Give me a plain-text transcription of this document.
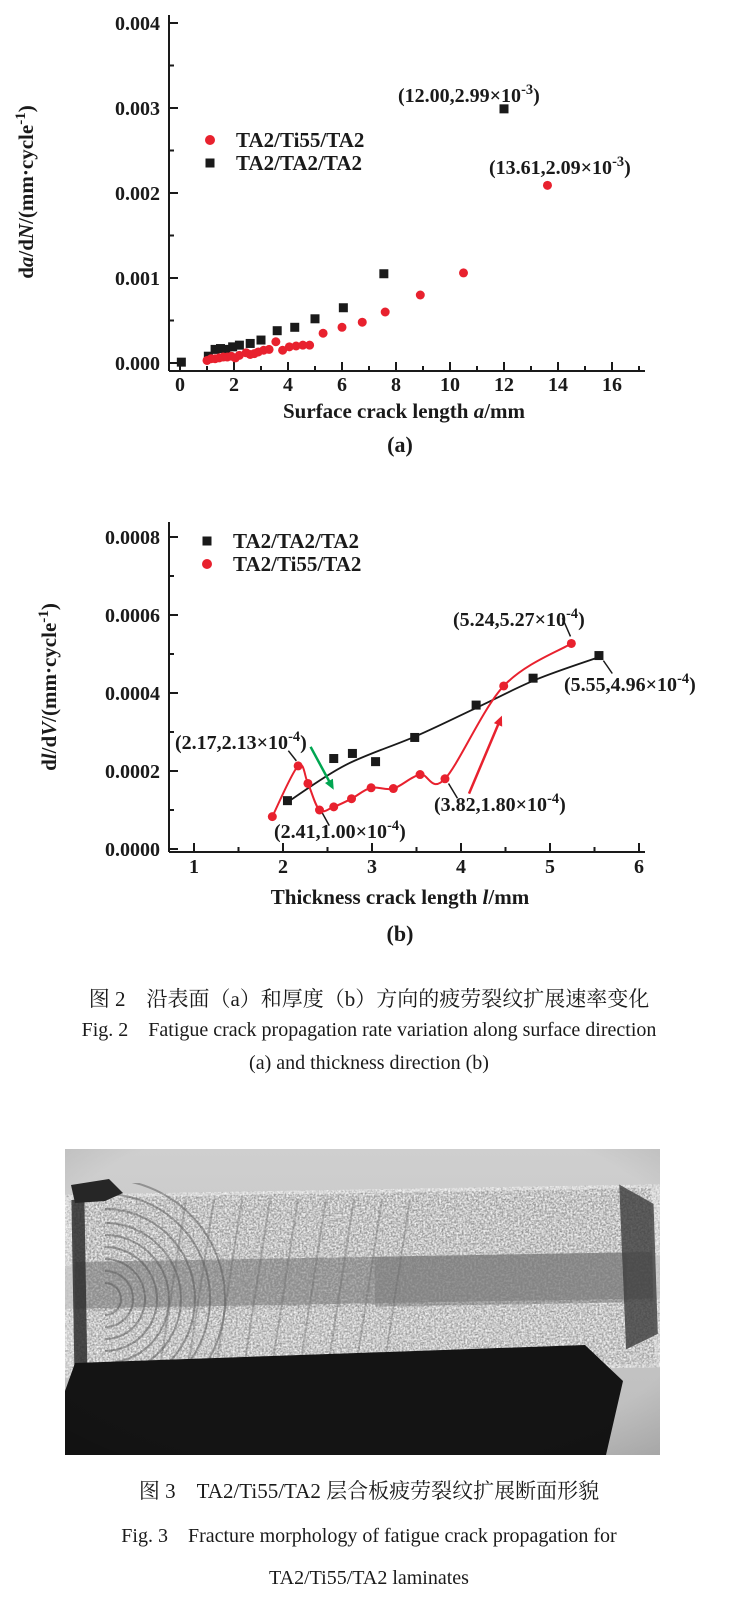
0 2 4 6 8 10 12 14 16
0.000
0.001
0.002
0.003
0.004
TA2/Ti55/TA2
TA2/TA2/TA2
$(12.00,2.99\times 10^{-3})$
$(13.61,2.09\times 10^{-3})$
Surface crack length a/mm
(a)
da/dN/(mm·cycle$^{-1}$)
1	2	3	4	5	6
0.0000
0.0002
0.0004
0.0006
0.0008	TA2/TA2/TA2
TA2/Ti55/TA2
$(2.17,2.13\times 10^{-4})$
$(2.41,1.00\times 10^{-4})$
$(3.82,1.80\times 10^{-4})$
$(5.24,5.27\times 10^{-4})$
$(5.55,4.96\times 10^{-4})$
Thickness crack length l/mm
(b)
dl/dV/(mm·cycle$^{-1}$)
图 2　沿表面（a）和厚度（b）方向的疲劳裂纹扩展速率变化
Fig. 2　Fatigue crack propagation rate variation along surface direction
(a) and thickness direction (b)
图 3　TA2/Ti55/TA2 层合板疲劳裂纹扩展断面形貌
Fig. 3　Fracture morphology of fatigue crack propagation for
TA2/Ti55/TA2 laminates
